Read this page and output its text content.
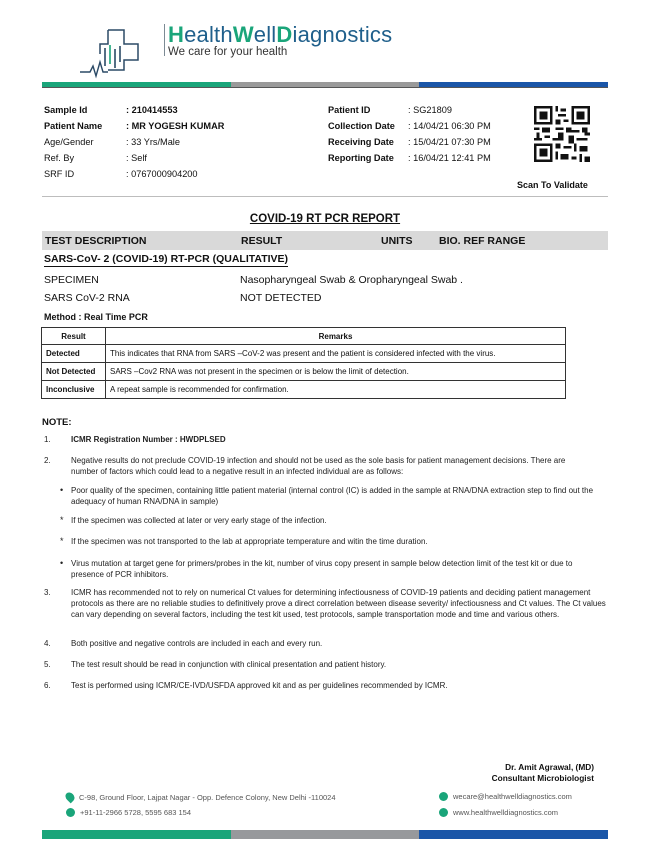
HealthWellDiagnostics
We care for your health
Sample Id	: 210414553
Patient Name	: MR YOGESH KUMAR
Age/Gender	: 33 Yrs/Male
Ref. By	: Self
SRF ID	: 0767000904200
Patient ID	: SG21809
Collection Date	: 14/04/21 06:30 PM
Receiving Date	: 15/04/21 07:30 PM
Reporting Date	: 16/04/21 12:41 PM
Scan To Validate
COVID-19 RT PCR REPORT
TEST DESCRIPTION	RESULT	UNITS	BIO. REF RANGE
SARS-CoV- 2 (COVID-19) RT-PCR (QUALITATIVE)
SPECIMEN	Nasopharyngeal Swab & Oropharyngeal Swab .
SARS CoV-2 RNA	NOT DETECTED
Method : Real Time PCR
Result	Remarks
Detected	This indicates that RNA from SARS –CoV-2 was present and the patient is considered infected with the virus.
Not Detected	SARS –Cov2 RNA was not present in the specimen or is below the limit of detection.
Inconclusive	A repeat sample is recommended for confirmation.
NOTE:
1.	ICMR Registration Number : HWDPLSED
2.	Negative results do not preclude COVID-19 infection and should not be used as the sole basis for patient management decisions. There are number of factors which could lead to a negative result in an infected individual are as follows:
• Poor quality of the specimen, containing little patient material (internal control (IC) is added in the sample at RNA/DNA extraction step to find out the adequacy of human RNA/DNA in sample)
* If the specimen was collected at later or very early stage of the infection.
* If the specimen was not transported to the lab at appropriate temperature and witin the time duration.
• Virus mutation at target gene for primers/probes in the kit, number of virus copy present in sample below detection limit of the test kit or due to presence of PCR inhibitors.
3.	ICMR has recommended not to rely on numerical Ct values for determining infectiousness of COVID-19 patients and deciding patient management protocols as there are no reliable studies to definitively prove a direct correlation between disease severity/ infectiousness and Ct values. The Ct values can vary depending on several factors, including the test kit used, test protocols, sample transportation mode and time and various others.
4.	Both positive and negative controls are included in each and every run.
5.	The test result should be read in conjunction with clinical presentation and patient history.
6.	Test is performed using ICMR/CE-IVD/USFDA approved kit and as per guidelines recommended by ICMR.
Dr. Amit Agrawal, (MD)
Consultant Microbiologist
C-98, Ground Floor, Lajpat Nagar - Opp. Defence Colony, New Delhi -110024
+91-11-2966 5728, 5595 683 154
wecare@healthwelldiagnostics.com
www.healthwelldiagnostics.com
